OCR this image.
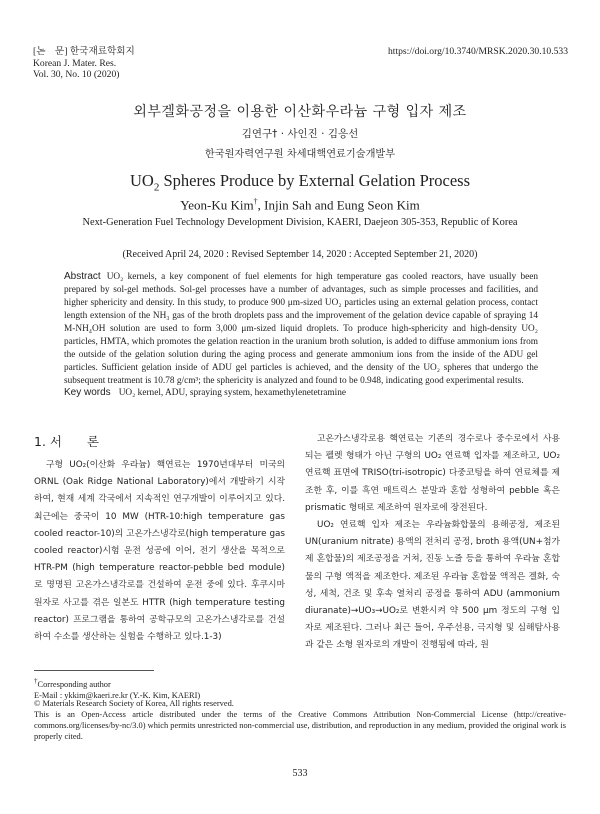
[논　문] 한국재료학회지
Korean J. Mater. Res.
Vol. 30, No. 10 (2020)
https://doi.org/10.3740/MRSK.2020.30.10.533
외부겔화공정을 이용한 이산화우라늄 구형 입자 제조
김연구† · 사인진 · 김응선
한국원자력연구원 차세대핵연료기술개발부
$UO_2$ Spheres Produce by External Gelation Process
Yeon-Ku Kim†, Injin Sah and Eung Seon Kim
Next-Generation Fuel Technology Development Division, KAERI, Daejeon 305-353, Republic of Korea
(Received April 24, 2020 : Revised September 14, 2020 : Accepted September 21, 2020)
Abstract UO₂ kernels, a key component of fuel elements for high temperature gas cooled reactors, have usually been prepared by sol-gel methods. Sol-gel processes have a number of advantages, such as simple processes and facilities, and higher sphericity and density. In this study, to produce 900 μm-sized UO₂ particles using an external gelation process, contact length extension of the NH₃ gas of the broth droplets pass and the improvement of the gelation device capable of spraying 14 M-NH₄OH solution are used to form 3,000 μm-sized liquid droplets. To produce high-sphericity and high-density UO₂ particles, HMTA, which promotes the gelation reaction in the uranium broth solution, is added to diffuse ammonium ions from the outside of the gelation solution during the aging process and generate ammonium ions from the inside of the ADU gel particles. Sufficient gelation inside of ADU gel particles is achieved, and the density of the UO₂ spheres that undergo the subsequent treatment is 10.78 g/cm³; the sphericity is analyzed and found to be 0.948, indicating good experimental results.
Key words UO₂ kernel, ADU, spraying system, hexamethylenetetramine
1. 서　　론

구형 UO₂(이산화 우라늄) 핵연료는 1970년대부터 미국의 ORNL (Oak Ridge National Laboratory)에서 개발하기 시작하여, 현재 세계 각국에서 지속적인 연구개발이 이루어지고 있다. 최근에는 중국이 10 MW (HTR-10:high temperature gas cooled reactor-10)의 고온가스냉각로(high temperature gas cooled reactor)시험 운전 성공에 이어, 전기 생산을 목적으로 HTR-PM (high temperature reactor-pebble bed module)로 명명된 고온가스냉각로를 건설하여 운전 중에 있다. 후쿠시마 원자로 사고를 겪은 일본도 HTTR (high temperature testing reactor) 프로그램을 통하여 공학규모의 고온가스냉각로를 건설하여 수소를 생산하는 실험을 수행하고 있다.1-3)

고온가스냉각로용 핵연료는 기존의 경수로나 중수로에서 사용되는 펠렛 형태가 아닌 구형의 UO₂ 연료핵 입자를 제조하고, UO₂ 연료핵 표면에 TRISO(tri-isotropic) 다중코팅을 하여 연료체를 제조한 후, 이를 흑연 매트릭스 분말과 혼합 성형하여 pebble 혹은 prismatic 형태로 제조하여 원자로에 장전된다.

UO₂ 연료핵 입자 제조는 우라늄화합물의 용해공정, 제조된 UN(uranium nitrate) 용액의 전처리 공정, broth 용액(UN+첨가제 혼합물)의 제조공정을 거쳐, 진동 노즐 등을 통하여 우라늄 혼합물의 구형 액적을 제조한다. 제조된 우라늄 혼합물 액적은 겔화, 숙성, 세척, 건조 및 후속 열처리 공정을 통하여 ADU (ammonium diuranate)→UO₃→UO₂로 변환시켜 약 500 μm 정도의 구형 입자로 제조된다. 그러나 최근 들어, 우주선용, 극지형 및 심해탐사용과 같은 소형 원자로의 개발이 진행됨에 따라, 원

†Corresponding author
E-Mail : ykkim@kaeri.re.kr (Y.-K. Kim, KAERI)
© Materials Research Society of Korea, All rights reserved.
This is an Open-Access article distributed under the terms of the Creative Commons Attribution Non-Commercial License (http://creative-commons.org/licenses/by-nc/3.0) which permits unrestricted non-commercial use, distribution, and reproduction in any medium, provided the original work is properly cited.
533
